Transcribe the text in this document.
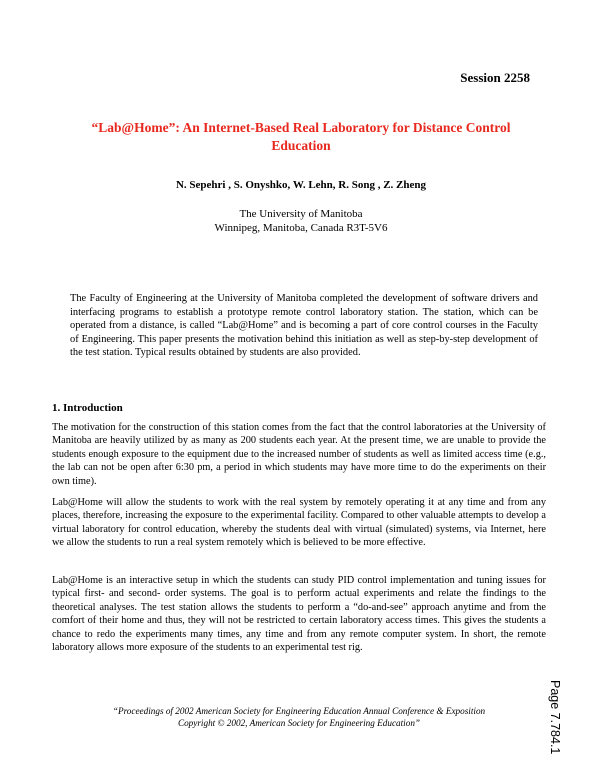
Session 2258
“Lab@Home”: An Internet-Based Real Laboratory for Distance Control Education
N. Sepehri , S. Onyshko, W. Lehn, R. Song , Z. Zheng
The University of Manitoba
Winnipeg, Manitoba, Canada R3T-5V6
The Faculty of Engineering at the University of Manitoba completed the development of software drivers and interfacing programs to establish a prototype remote control laboratory station. The station, which can be operated from a distance, is called “Lab@Home” and is becoming a part of core control courses in the Faculty of Engineering. This paper presents the motivation behind this initiation as well as step-by-step development of the test station. Typical results obtained by students are also provided.
1. Introduction

The motivation for the construction of this station comes from the fact that the control laboratories at the University of Manitoba are heavily utilized by as many as 200 students each year. At the present time, we are unable to provide the students enough exposure to the equipment due to the increased number of students as well as limited access time (e.g., the lab can not be open after 6:30 pm, a period in which students may have more time to do the experiments on their own time).

Lab@Home will allow the students to work with the real system by remotely operating it at any time and from any places, therefore, increasing the exposure to the experimental facility. Compared to other valuable attempts to develop a virtual laboratory for control education, whereby the students deal with virtual (simulated) systems, via Internet, here we allow the students to run a real system remotely which is believed to be more effective.

Lab@Home is an interactive setup in which the students can study PID control implementation and tuning issues for typical first- and second- order systems. The goal is to perform actual experiments and relate the findings to the theoretical analyses. The test station allows the students to perform a “do-and-see” approach anytime and from the comfort of their home and thus, they will not be restricted to certain laboratory access times. This gives the students a chance to redo the experiments many times, any time and from any remote computer system. In short, the remote laboratory allows more exposure of the students to an experimental test rig.

“Proceedings of 2002 American Society for Engineering Education Annual Conference & Exposition
Copyright © 2002, American Society for Engineering Education”	Page 7.784.1
